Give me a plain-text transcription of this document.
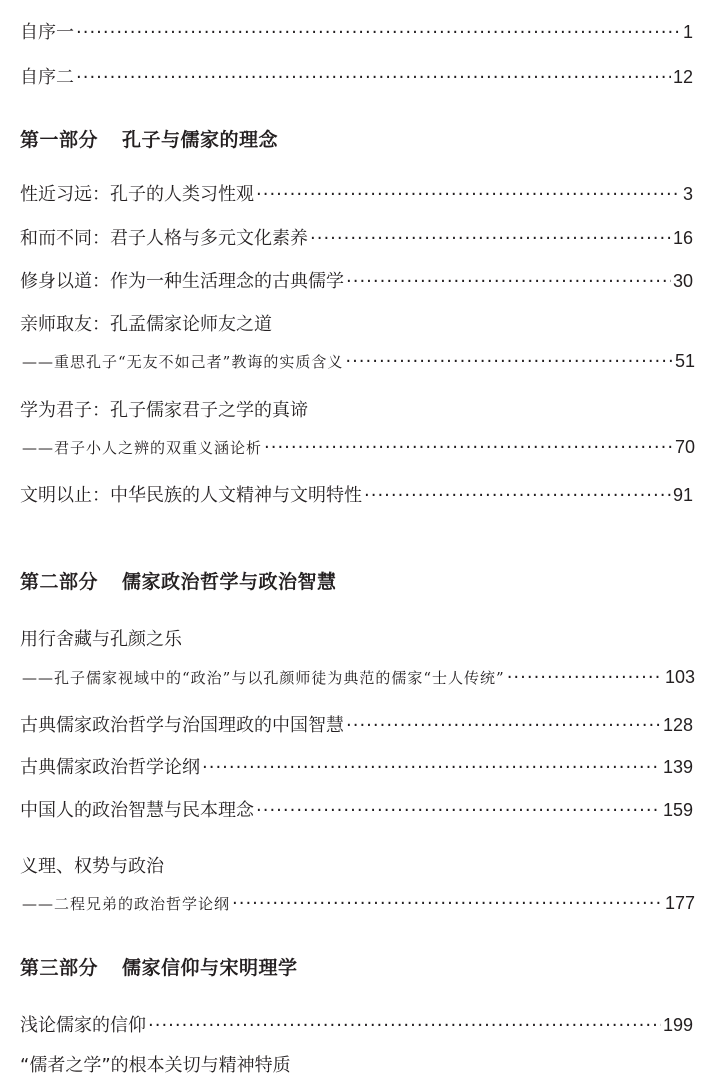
自序一 ·····	1
自序二 ·····	12
第一部分 孔子与儒家的理念
性近习远：孔子的人类习性观 ·····	3
和而不同：君子人格与多元文化素养 ·····	16
修身以道：作为一种生活理念的古典儒学 ·····	30
亲师取友：孔孟儒家论师友之道
——重思孔子“无友不如己者”教诲的实质含义 ·····	51
学为君子：孔子儒家君子之学的真谛
——君子小人之辨的双重义涵论析 ·····	70
文明以止：中华民族的人文精神与文明特性 ·····	91
第二部分 儒家政治哲学与政治智慧
用行舍藏与孔颜之乐
——孔子儒家视域中的“政治”与以孔颜师徒为典范的儒家“士人传统” ·····	103
古典儒家政治哲学与治国理政的中国智慧 ·····	128
古典儒家政治哲学论纲 ·····	139
中国人的政治智慧与民本理念 ·····	159
义理、权势与政治
——二程兄弟的政治哲学论纲 ·····	177
第三部分 儒家信仰与宋明理学
浅论儒家的信仰 ·····	199
“儒者之学”的根本关切与精神特质
